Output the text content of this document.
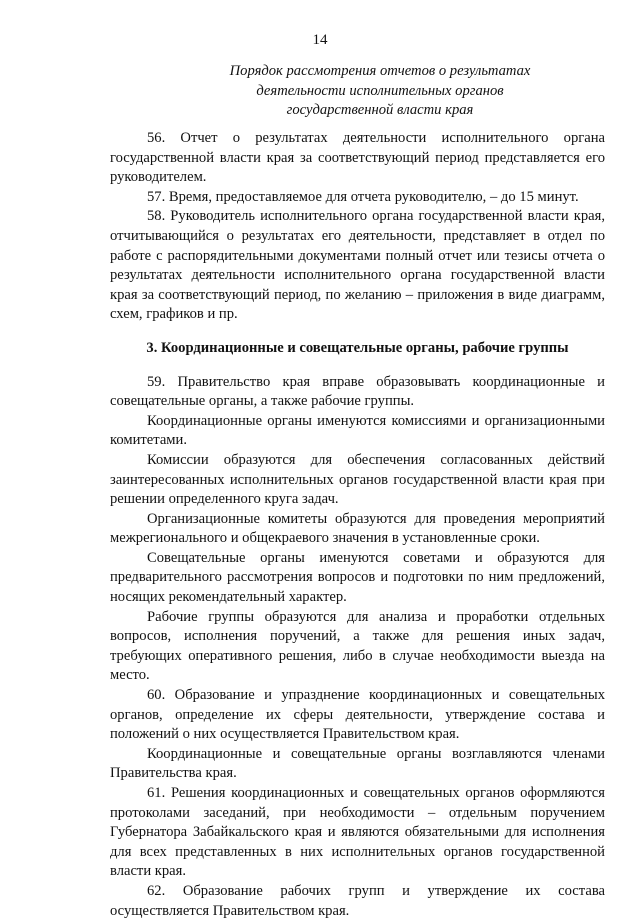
14
Порядок рассмотрения отчетов о результатах
деятельности исполнительных органов
государственной власти края

56. Отчет о результатах деятельности исполнительного органа государственной власти края за соответствующий период представляется его руководителем.

57. Время, предоставляемое для отчета руководителю, – до 15 минут.

58. Руководитель исполнительного органа государственной власти края, отчитывающийся о результатах его деятельности, представляет в отдел по работе с распорядительными документами полный отчет или тезисы отчета о результатах деятельности исполнительного органа государственной власти края за соответствующий период, по желанию – приложения в виде диаграмм, схем, графиков и пр.

3. Координационные и совещательные органы, рабочие группы

59. Правительство края вправе образовывать координационные и совещательные органы, а также рабочие группы.

Координационные органы именуются комиссиями и организационными комитетами.

Комиссии образуются для обеспечения согласованных действий заинтересованных исполнительных органов государственной власти края при решении определенного круга задач.

Организационные комитеты образуются для проведения мероприятий межрегионального и общекраевого значения в установленные сроки.

Совещательные органы именуются советами и образуются для предварительного рассмотрения вопросов и подготовки по ним предложений, носящих рекомендательный характер.

Рабочие группы образуются для анализа и проработки отдельных вопросов, исполнения поручений, а также для решения иных задач, требующих оперативного решения, либо в случае необходимости выезда на место.

60. Образование и упразднение координационных и совещательных органов, определение их сферы деятельности, утверждение состава и положений о них осуществляется Правительством края.

Координационные и совещательные органы возглавляются членами Правительства края.

61. Решения координационных и совещательных органов оформляются протоколами заседаний, при необходимости – отдельным поручением Губернатора Забайкальского края и являются обязательными для исполнения для всех представленных в них исполнительных органов государственной власти края.

62. Образование рабочих групп и утверждение их состава осуществляется Правительством края.
